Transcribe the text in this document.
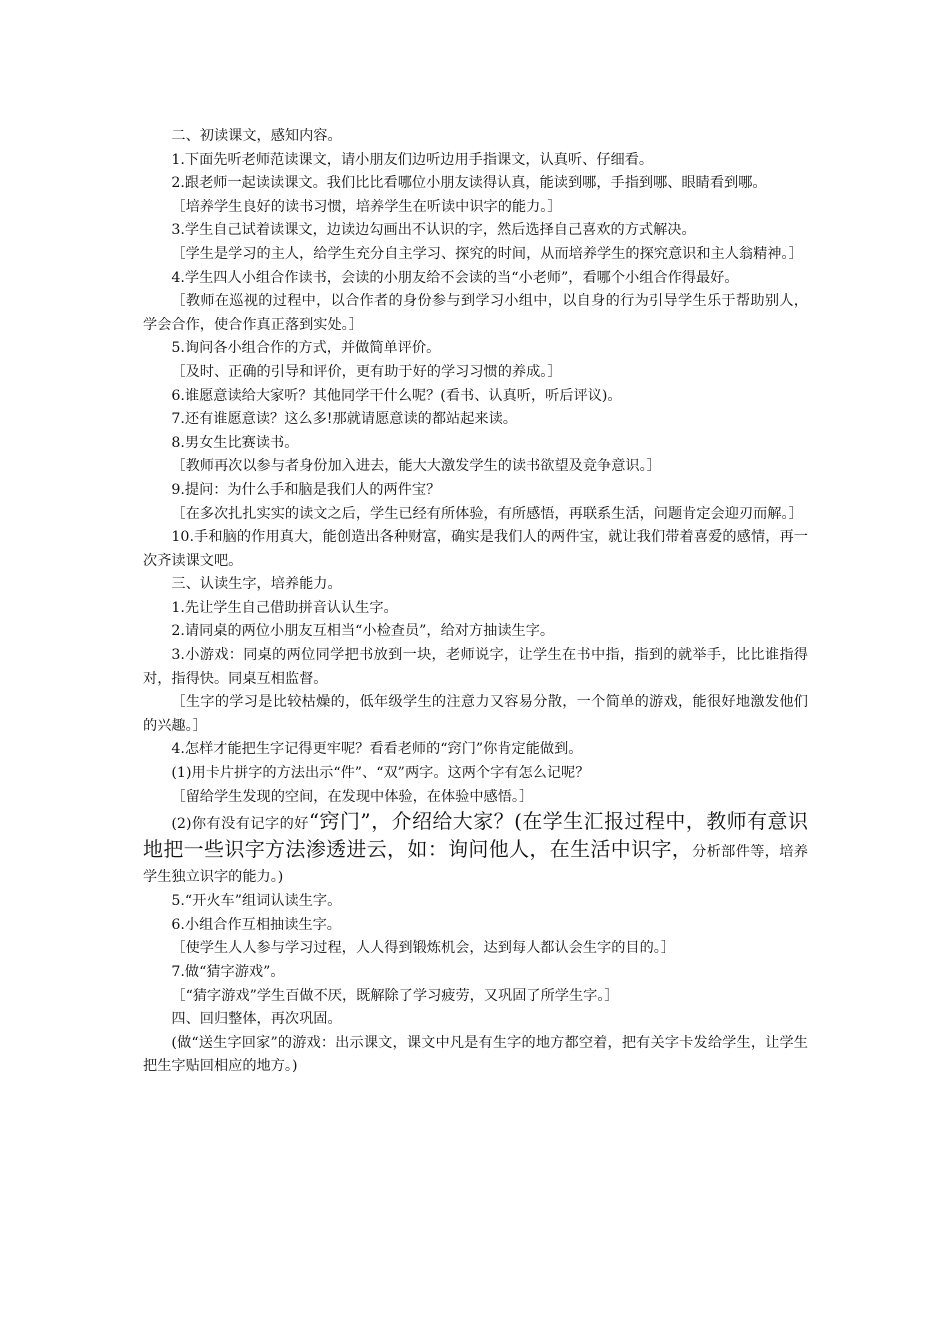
二、初读课文，感知内容。

1.下面先听老师范读课文，请小朋友们边听边用手指课文，认真听、仔细看。

2.跟老师一起读读课文。我们比比看哪位小朋友读得认真，能读到哪，手指到哪、眼睛看到哪。

［培养学生良好的读书习惯，培养学生在听读中识字的能力。］

3.学生自己试着读课文，边读边勾画出不认识的字，然后选择自己喜欢的方式解决。

［学生是学习的主人，给学生充分自主学习、探究的时间，从而培养学生的探究意识和主人翁精神。］

4.学生四人小组合作读书，会读的小朋友给不会读的当“小老师”，看哪个小组合作得最好。

［教师在巡视的过程中，以合作者的身份参与到学习小组中，以自身的行为引导学生乐于帮助别人，学会合作，使合作真正落到实处。］

5.询问各小组合作的方式，并做简单评价。

［及时、正确的引导和评价，更有助于好的学习习惯的养成。］

6.谁愿意读给大家听？其他同学干什么呢？(看书、认真听，听后评议)。

7.还有谁愿意读？这么多!那就请愿意读的都站起来读。

8.男女生比赛读书。

［教师再次以参与者身份加入进去，能大大激发学生的读书欲望及竞争意识。］

9.提问：为什么手和脑是我们人的两件宝？

［在多次扎扎实实的读文之后，学生已经有所体验，有所感悟，再联系生活，问题肯定会迎刃而解。］

10.手和脑的作用真大，能创造出各种财富，确实是我们人的两件宝，就让我们带着喜爱的感情，再一次齐读课文吧。

三、认读生字，培养能力。

1.先让学生自己借助拼音认认生字。

2.请同桌的两位小朋友互相当“小检查员”，给对方抽读生字。

3.小游戏：同桌的两位同学把书放到一块，老师说字，让学生在书中指，指到的就举手，比比谁指得对，指得快。同桌互相监督。

［生字的学习是比较枯燥的，低年级学生的注意力又容易分散，一个简单的游戏，能很好地激发他们的兴趣。］

4.怎样才能把生字记得更牢呢？看看老师的“窍门”你肯定能做到。

(1)用卡片拼字的方法出示“件”、“双”两字。这两个字有怎么记呢？

［留给学生发现的空间，在发现中体验，在体验中感悟。］

(2)你有没有记字的好“窍门”，介绍给大家？(在学生汇报过程中，教师有意识地把一些识字方法渗透进云，如：询问他人，在生活中识字，分析部件等，培养学生独立识字的能力。)

5.“开火车”组词认读生字。

6.小组合作互相抽读生字。

［使学生人人参与学习过程，人人得到锻炼机会，达到每人都认会生字的目的。］

7.做“猜字游戏”。

［“猜字游戏”学生百做不厌，既解除了学习疲劳，又巩固了所学生字。］

四、回归整体，再次巩固。

(做“送生字回家”的游戏：出示课文，课文中凡是有生字的地方都空着，把有关字卡发给学生，让学生把生字贴回相应的地方。)
